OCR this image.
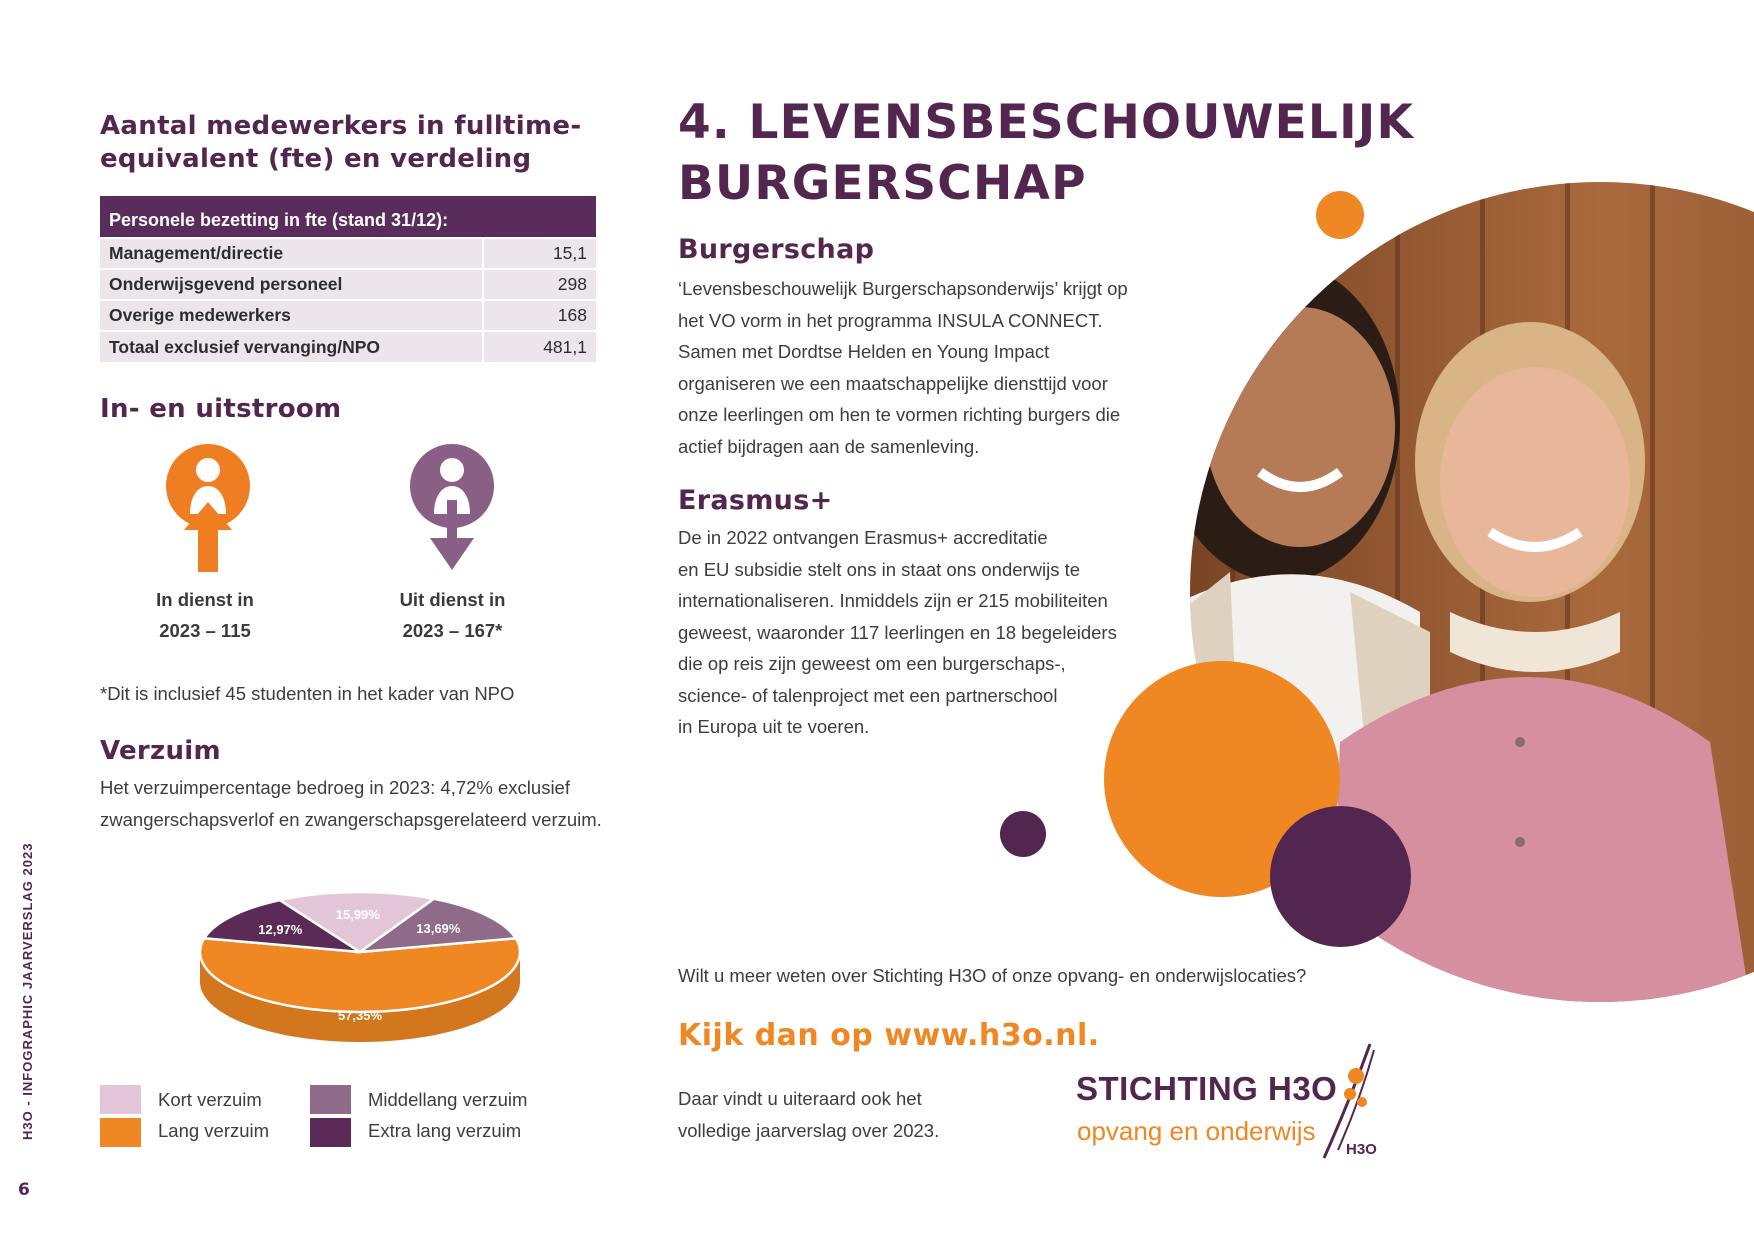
Aantal medewerkers in fulltime-
equivalent (fte) en verdeling
Personele bezetting in fte (stand 31/12):	
Management/directie	15,1
Onderwijsgevend personeel	298
Overige medewerkers	168
Totaal exclusief vervanging/NPO	481,1
In- en uitstroom
In dienst in
2023 – 115
Uit dienst in
2023 – 167*
*Dit is inclusief 45 studenten in het kader van NPO
Verzuim
Het verzuimpercentage bedroeg in 2023: 4,72% exclusief
zwangerschapsverlof en zwangerschapsgerelateerd verzuim.
57,35%
12,97%
15,99%
13,69%
Kort verzuim
Lang verzuim
Middellang verzuim
Extra lang verzuim
H3O - INFOGRAPHIC JAARVERSLAG 2023
6
4. LEVENSBESCHOUWELIJK
BURGERSCHAP
Burgerschap
‘Levensbeschouwelijk Burgerschapsonderwijs’ krijgt op
het VO vorm in het programma INSULA CONNECT.
Samen met Dordtse Helden en Young Impact
organiseren we een maatschappelijke diensttijd voor
onze leerlingen om hen te vormen richting burgers die
actief bijdragen aan de samenleving.
Erasmus+
De in 2022 ontvangen Erasmus+ accreditatie
en EU subsidie stelt ons in staat ons onderwijs te
internationaliseren. Inmiddels zijn er 215 mobiliteiten
geweest, waaronder 117 leerlingen en 18 begeleiders
die op reis zijn geweest om een burgerschaps-,
science- of talenproject met een partnerschool
in Europa uit te voeren.
Wilt u meer weten over Stichting H3O of onze opvang- en onderwijslocaties?
Kijk dan op www.h3o.nl.
Daar vindt u uiteraard ook het
volledige jaarverslag over 2023.
STICHTING H3O
opvang en onderwijs
H3O
